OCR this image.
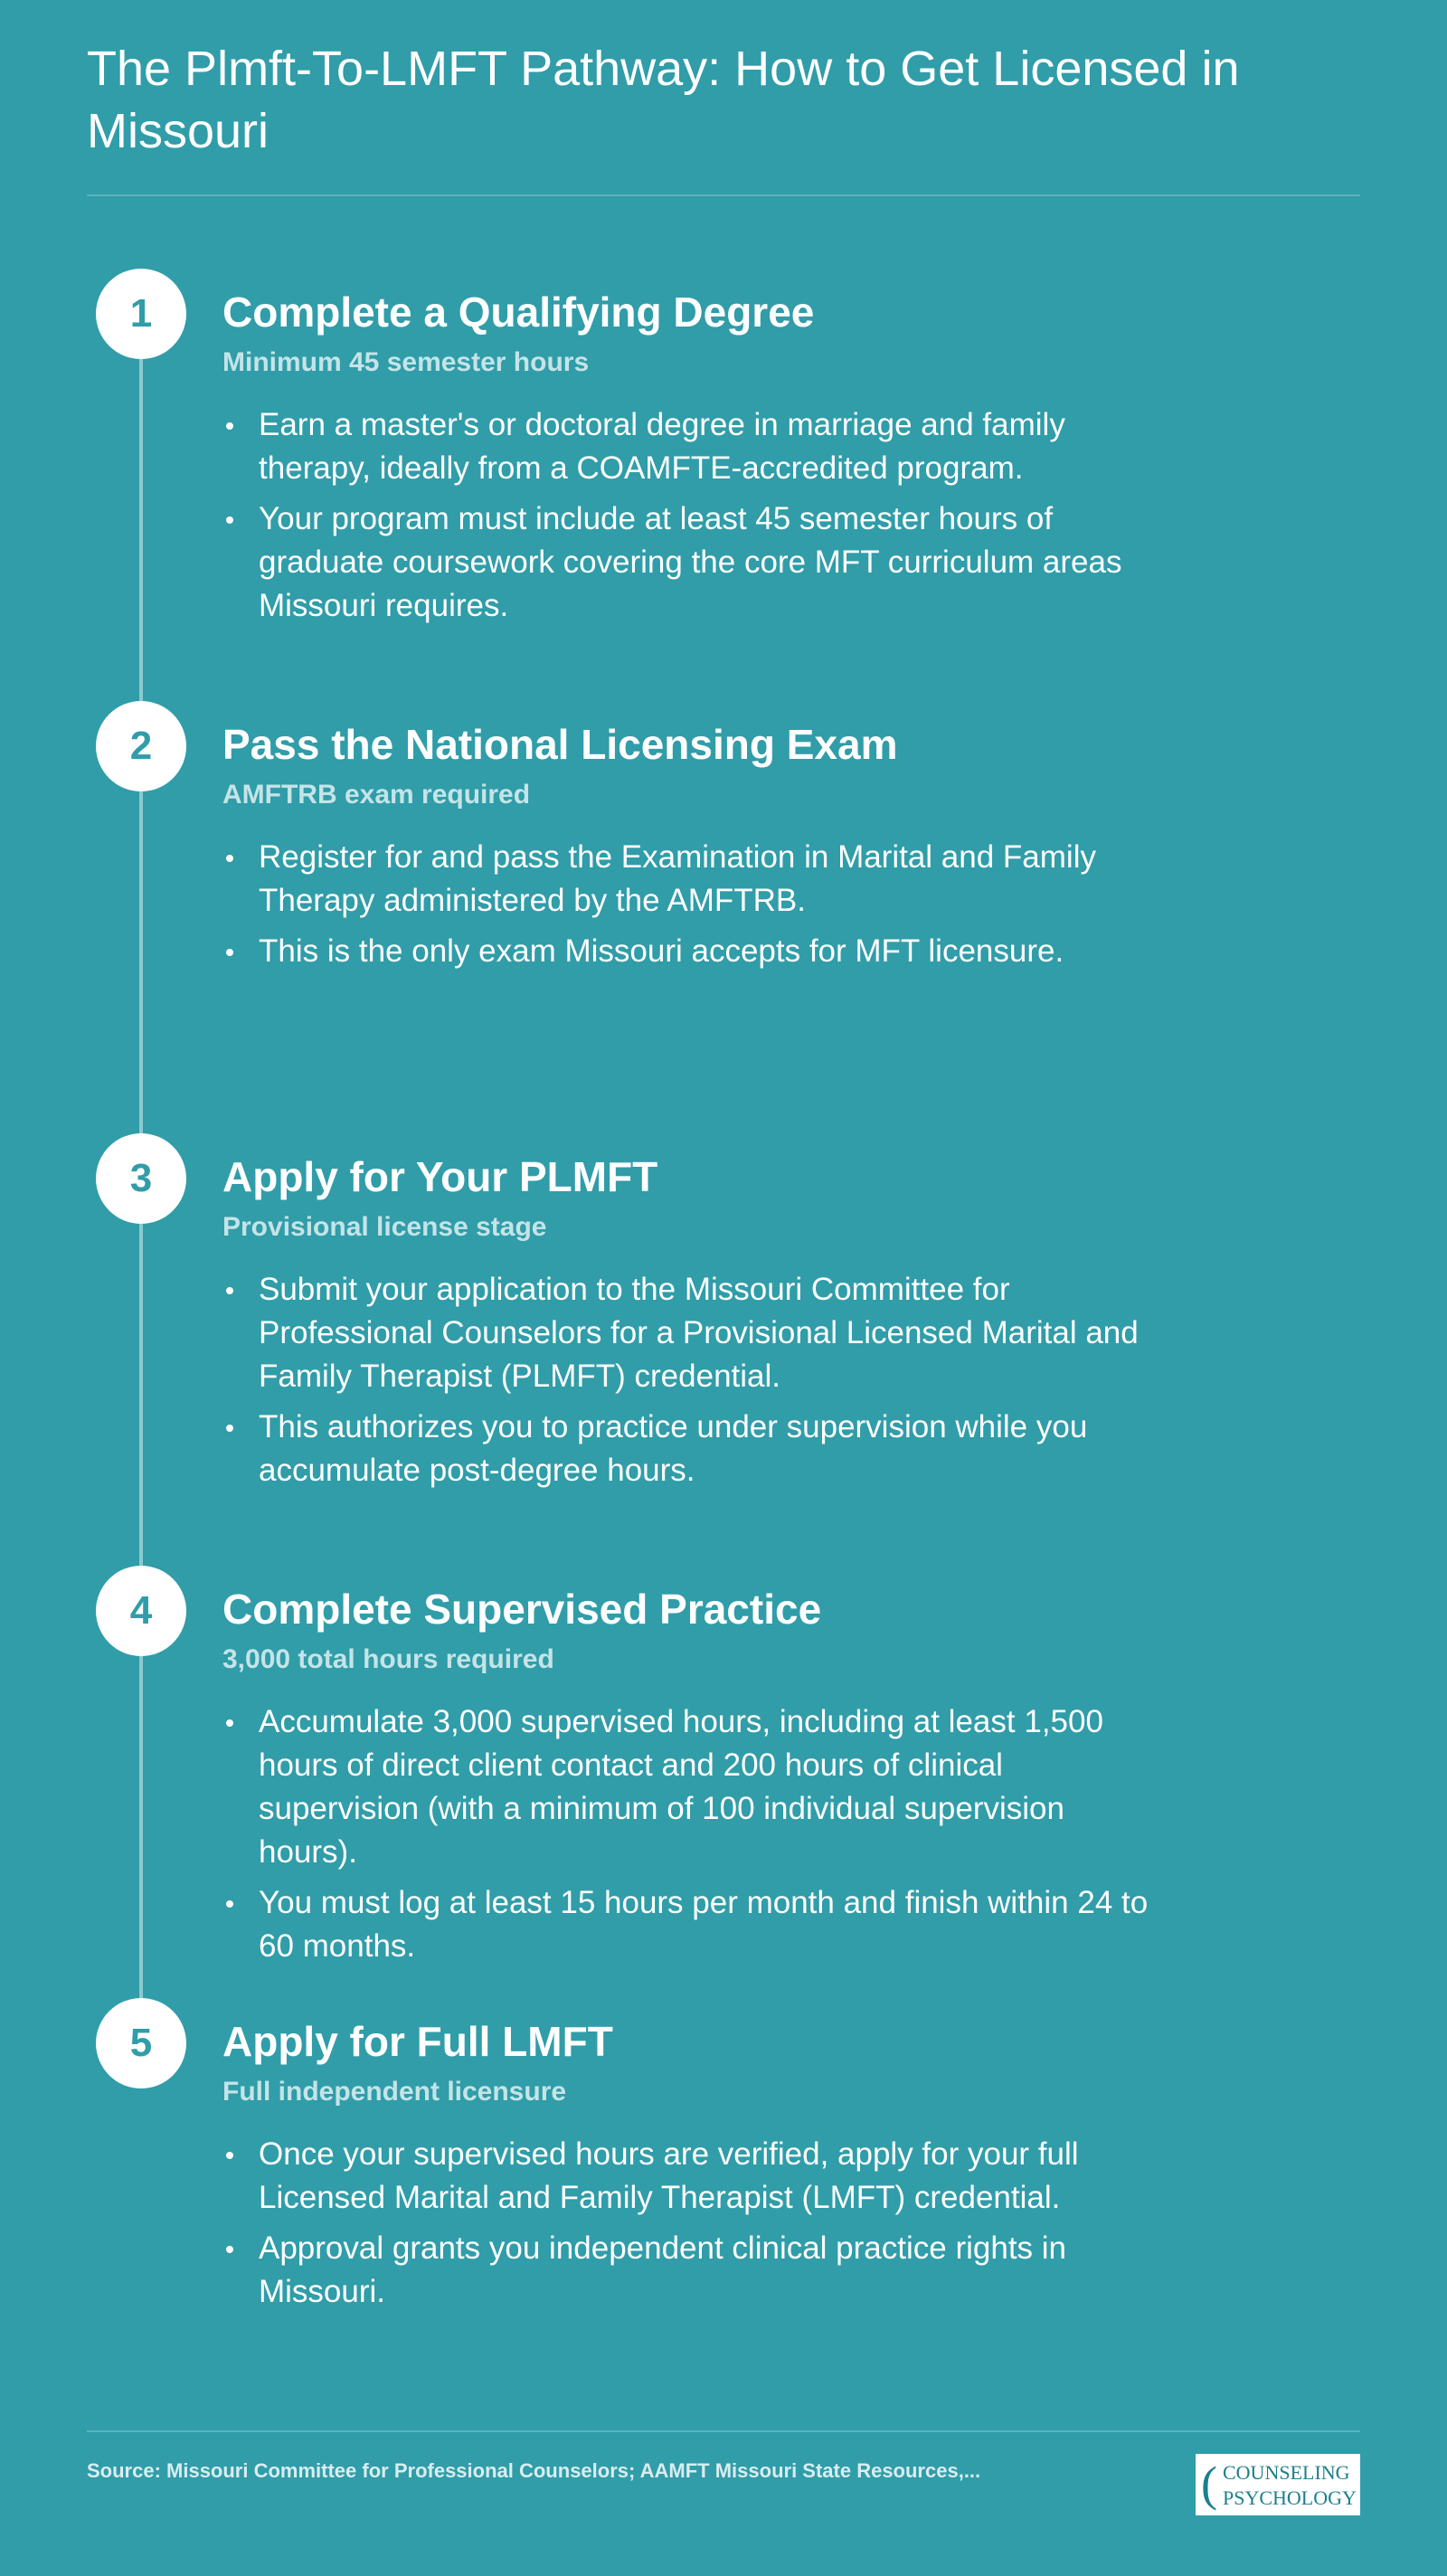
The Plmft-To-LMFT Pathway: How to Get Licensed in Missouri
1	Complete a Qualifying Degree
Minimum 45 semester hours
Earn a master's or doctoral degree in marriage and family therapy, ideally from a COAMFTE-accredited program.
Your program must include at least 45 semester hours of graduate coursework covering the core MFT curriculum areas Missouri requires.
2	Pass the National Licensing Exam
AMFTRB exam required
Register for and pass the Examination in Marital and Family Therapy administered by the AMFTRB.
This is the only exam Missouri accepts for MFT licensure.
3	Apply for Your PLMFT
Provisional license stage
Submit your application to the Missouri Committee for Professional Counselors for a Provisional Licensed Marital and Family Therapist (PLMFT) credential.
This authorizes you to practice under supervision while you accumulate post-degree hours.
4	Complete Supervised Practice
3,000 total hours required
Accumulate 3,000 supervised hours, including at least 1,500 hours of direct client contact and 200 hours of clinical supervision (with a minimum of 100 individual supervision hours).
You must log at least 15 hours per month and finish within 24 to 60 months.
5	Apply for Full LMFT
Full independent licensure
Once your supervised hours are verified, apply for your full Licensed Marital and Family Therapist (LMFT) credential.
Approval grants you independent clinical practice rights in Missouri.
Source: Missouri Committee for Professional Counselors; AAMFT Missouri State Resources,...	( COUNSELING
PSYCHOLOGY
